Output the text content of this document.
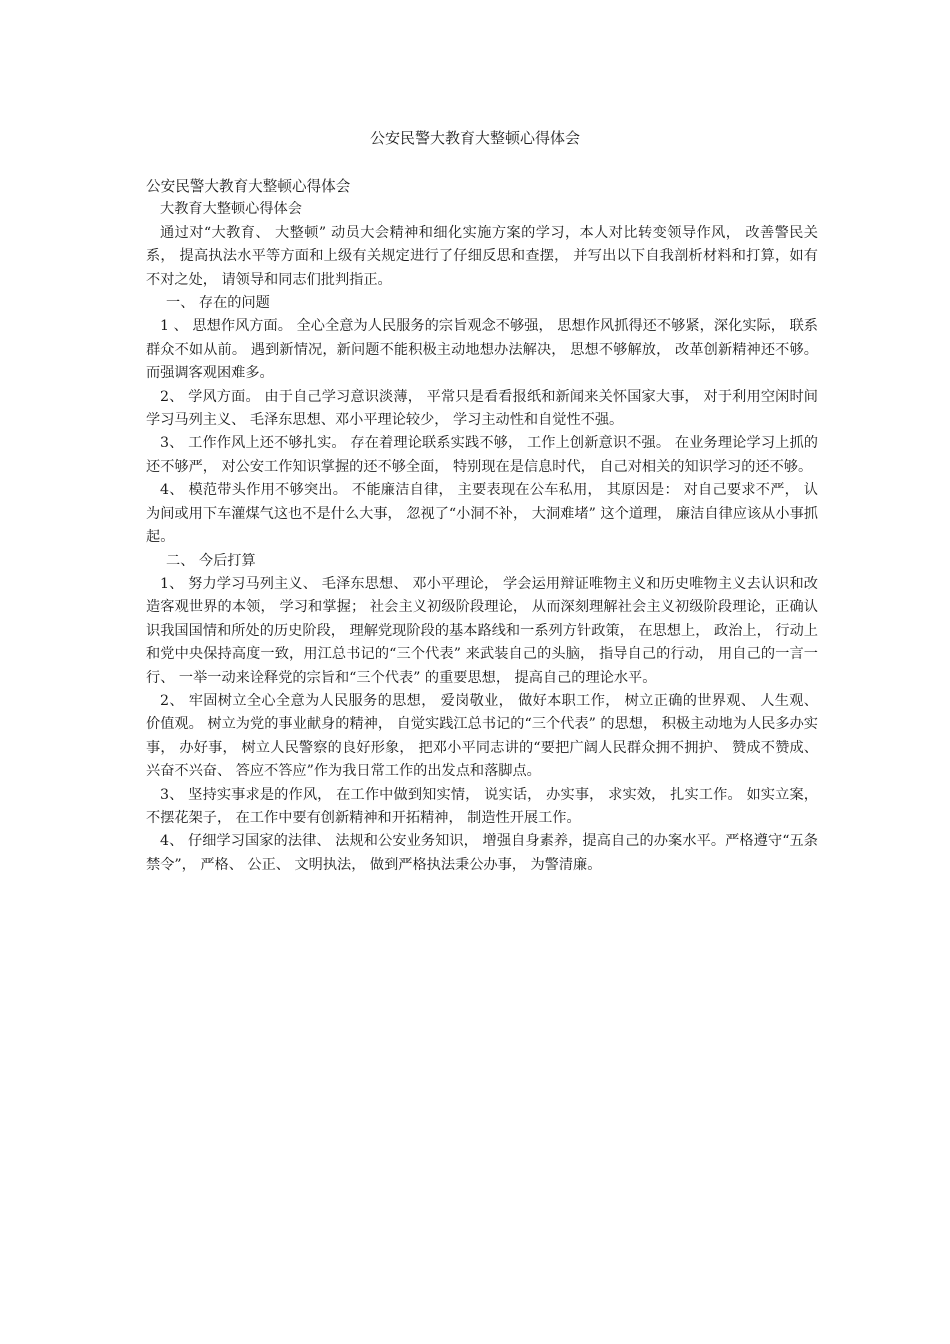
公安民警大教育大整顿心得体会

公安民警大教育大整顿心得体会

大教育大整顿心得体会

通过对“大教育、 大整顿” 动员大会精神和细化实施方案的学习，本人对比转变领导作风， 改善警民关系， 提高执法水平等方面和上级有关规定进行了仔细反思和查摆， 并写出以下自我剖析材料和打算，如有不对之处， 请领导和同志们批判指正。

一、 存在的问题

1 、 思想作风方面。 全心全意为人民服务的宗旨观念不够强， 思想作风抓得还不够紧，深化实际， 联系群众不如从前。 遇到新情况，新问题不能积极主动地想办法解决， 思想不够解放， 改革创新精神还不够。 而强调客观困难多。

2、 学风方面。 由于自己学习意识淡薄， 平常只是看看报纸和新闻来关怀国家大事， 对于利用空闲时间学习马列主义、 毛泽东思想、邓小平理论较少， 学习主动性和自觉性不强。

3、 工作作风上还不够扎实。 存在着理论联系实践不够， 工作上创新意识不强。 在业务理论学习上抓的还不够严， 对公安工作知识掌握的还不够全面， 特别现在是信息时代， 自己对相关的知识学习的还不够。

4、 模范带头作用不够突出。 不能廉洁自律， 主要表现在公车私用， 其原因是： 对自己要求不严， 认为间或用下车灌煤气这也不是什么大事， 忽视了“小洞不补， 大洞难堵” 这个道理， 廉洁自律应该从小事抓起。

二、 今后打算

1、 努力学习马列主义、 毛泽东思想、 邓小平理论， 学会运用辩证唯物主义和历史唯物主义去认识和改造客观世界的本领， 学习和掌握； 社会主义初级阶段理论， 从而深刻理解社会主义初级阶段理论，正确认识我国国情和所处的历史阶段， 理解党现阶段的基本路线和一系列方针政策， 在思想上， 政治上， 行动上和党中央保持高度一致，用江总书记的“三个代表” 来武装自己的头脑， 指导自己的行动， 用自己的一言一行、 一举一动来诠释党的宗旨和“三个代表” 的重要思想， 提高自己的理论水平。

2、 牢固树立全心全意为人民服务的思想， 爱岗敬业， 做好本职工作， 树立正确的世界观、 人生观、 价值观。 树立为党的事业献身的精神， 自觉实践江总书记的“三个代表” 的思想， 积极主动地为人民多办实事， 办好事， 树立人民警察的良好形象， 把邓小平同志讲的“要把广阔人民群众拥不拥护、 赞成不赞成、 兴奋不兴奋、 答应不答应”作为我日常工作的出发点和落脚点。

3、 坚持实事求是的作风， 在工作中做到知实情， 说实话， 办实事， 求实效， 扎实工作。 如实立案， 不摆花架子， 在工作中要有创新精神和开拓精神， 制造性开展工作。

4、 仔细学习国家的法律、 法规和公安业务知识， 增强自身素养，提高自己的办案水平。严格遵守“五条禁令”， 严格、 公正、 文明执法， 做到严格执法秉公办事， 为警清廉。
